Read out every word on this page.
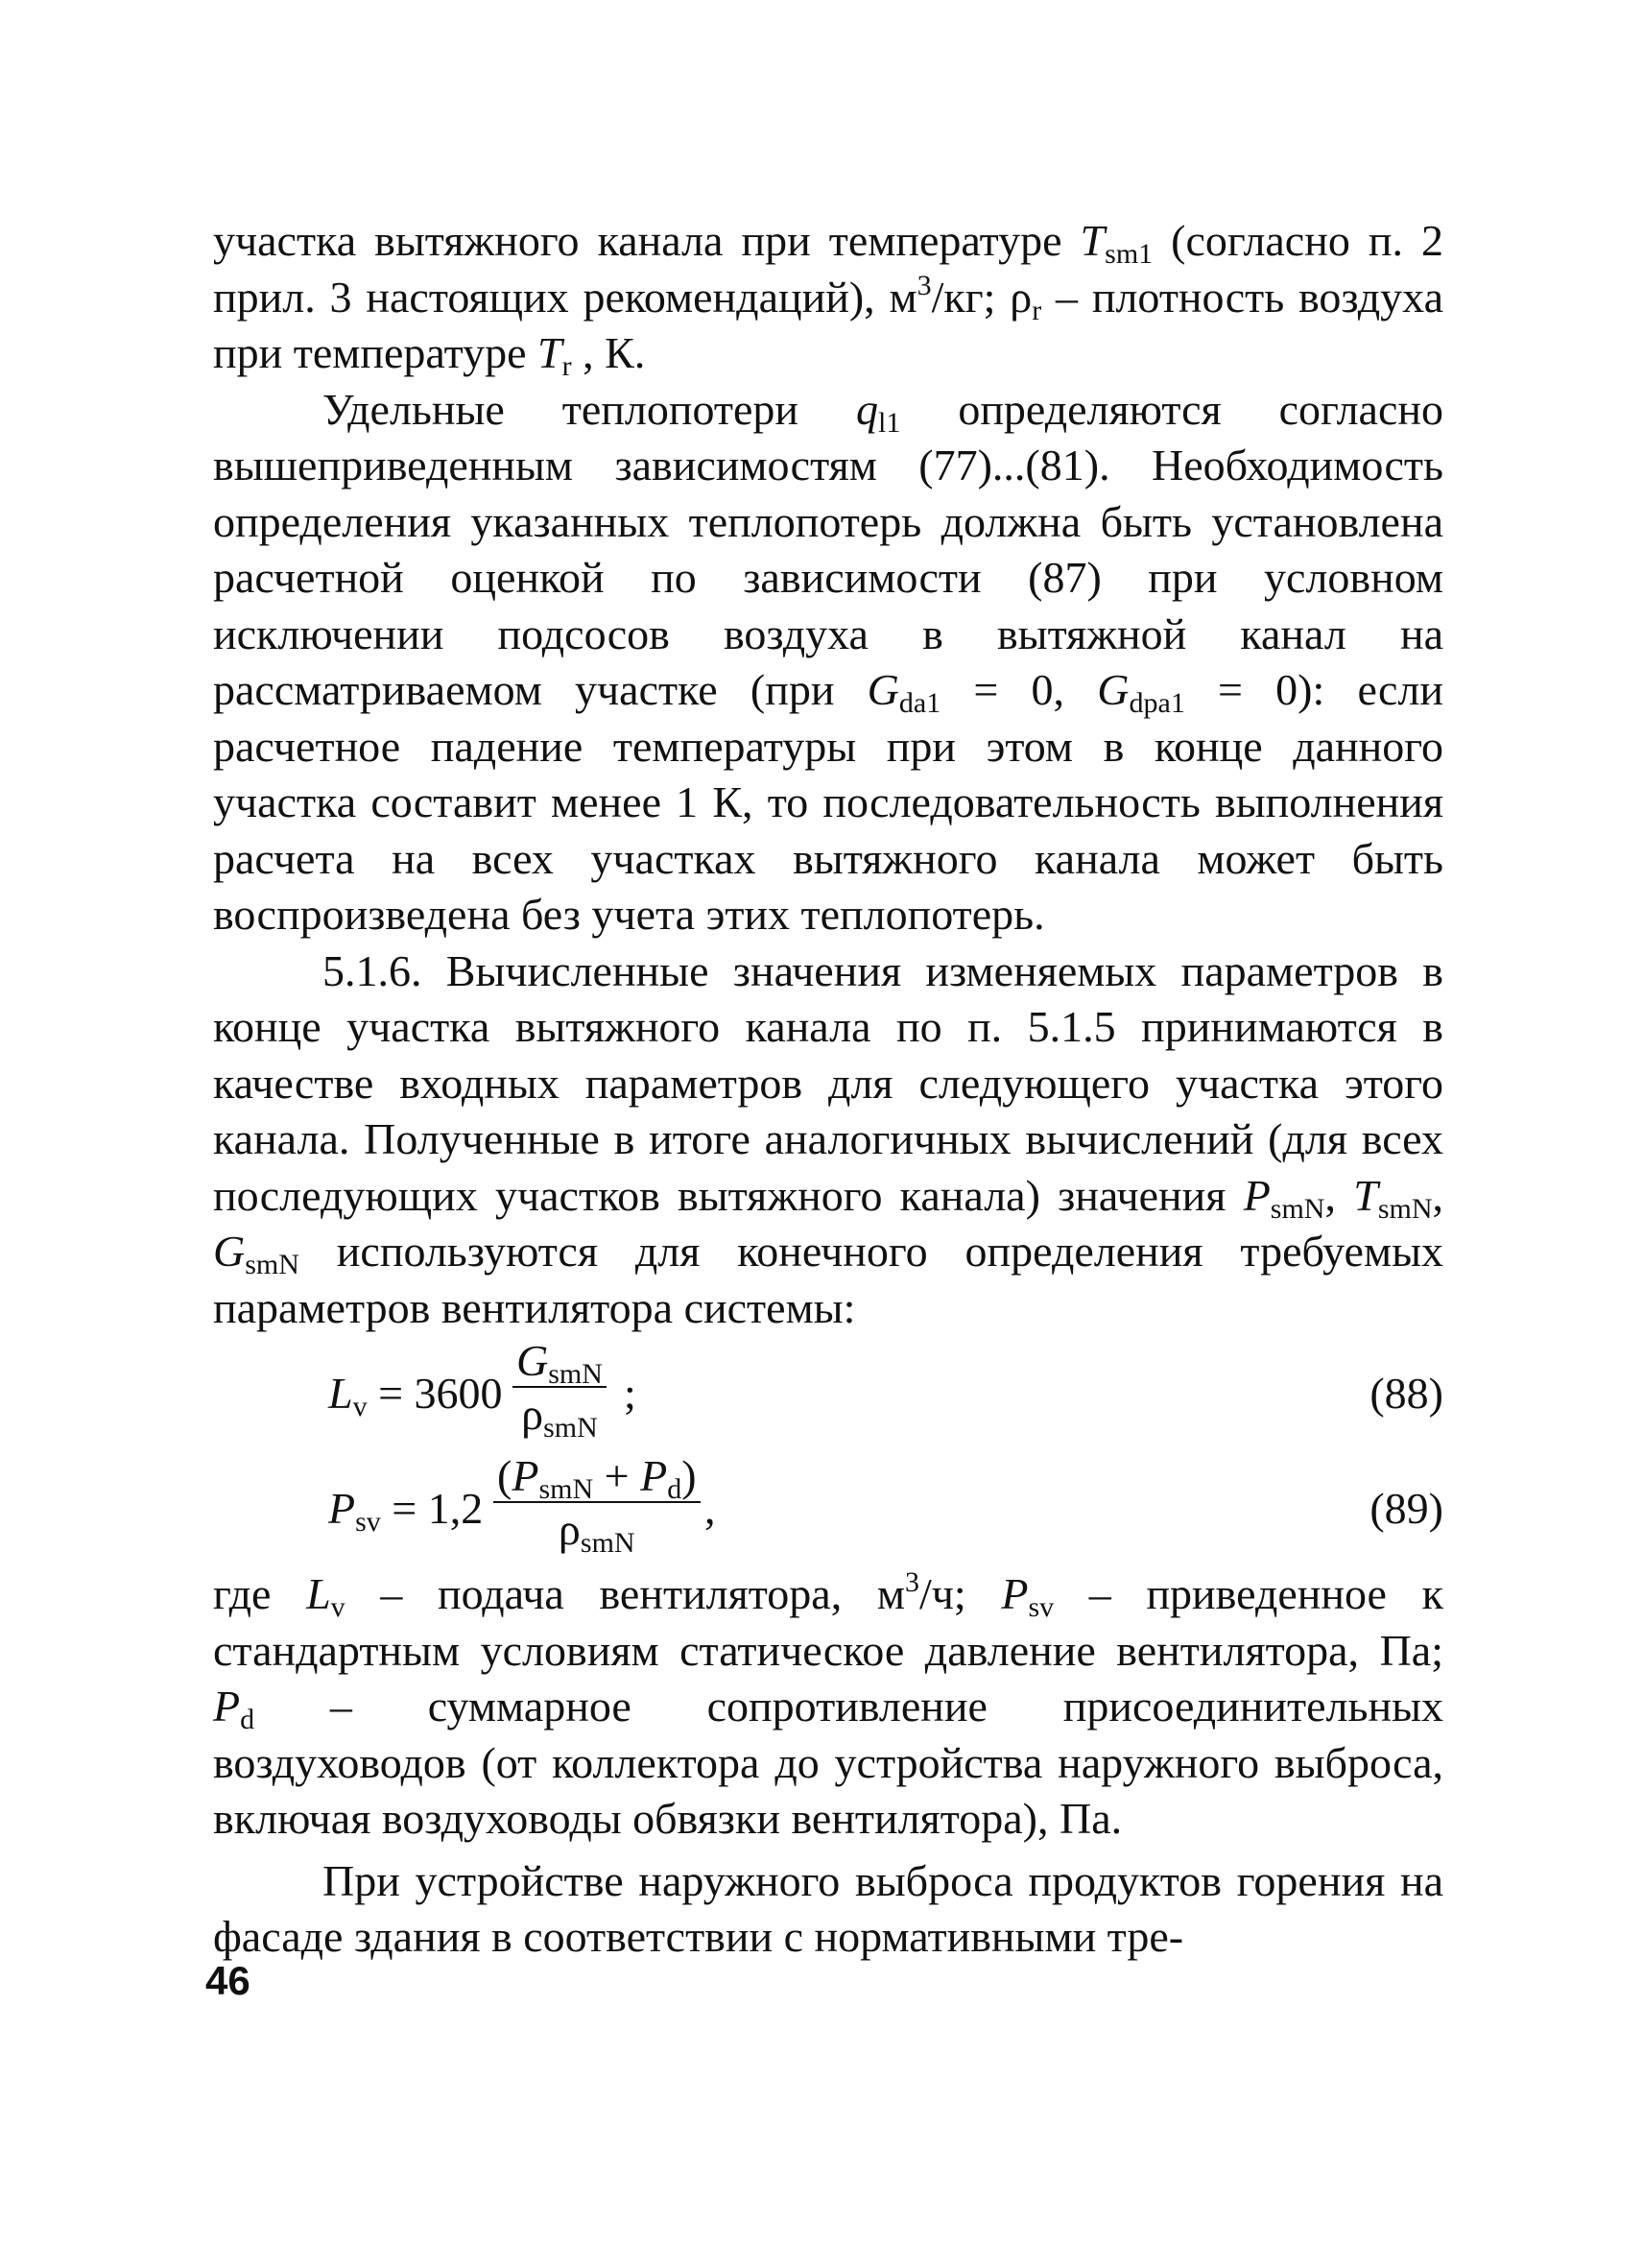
участка вытяжного канала при температуре $T_{sm1}$ (согласно п. 2 прил. 3 настоящих рекомендаций), $м^3/кг$; $\rho_r$ – плотность воздуха при температуре $T_r$ , К.

Удельные теплопотери $q_{l1}$ определяются согласно вышеприведенным зависимостям (77)...(81). Необходимость определения указанных теплопотерь должна быть установлена расчетной оценкой по зависимости (87) при условном исключении подсосов воздуха в вытяжной канал на рассматриваемом участке (при $G_{da1} = 0$, $G_{dpa1} = 0$): если расчетное падение температуры при этом в конце данного участка составит менее 1 К, то последовательность выполнения расчета на всех участках вытяжного канала может быть воспроизведена без учета этих теплопотерь.

5.1.6. Вычисленные значения изменяемых параметров в конце участка вытяжного канала по п. 5.1.5 принимаются в качестве входных параметров для следующего участка этого канала. Полученные в итоге аналогичных вычислений (для всех последующих участков вытяжного канала) значения $P_{smN}$, $T_{smN}$, $G_{smN}$ используются для конечного определения требуемых параметров вентилятора системы:

$L_v = 3600$
$G_{smN}$
$\rho_{smN}$
;	(88)
$P_{sv} = 1,2$
$(P_{smN} + P_d)$
$\rho_{smN}$
,	(89)

где $L_v$ – подача вентилятора, $м^3/ч$; $P_{sv}$ – приведенное к стандартным условиям статическое давление вентилятора, Па; $P_d$ – суммарное сопротивление присоединительных воздуховодов (от коллектора до устройства наружного выброса, включая воздуховоды обвязки вентилятора), Па.

При устройстве наружного выброса продуктов горения на фасаде здания в соответствии с нормативными тре-

46
